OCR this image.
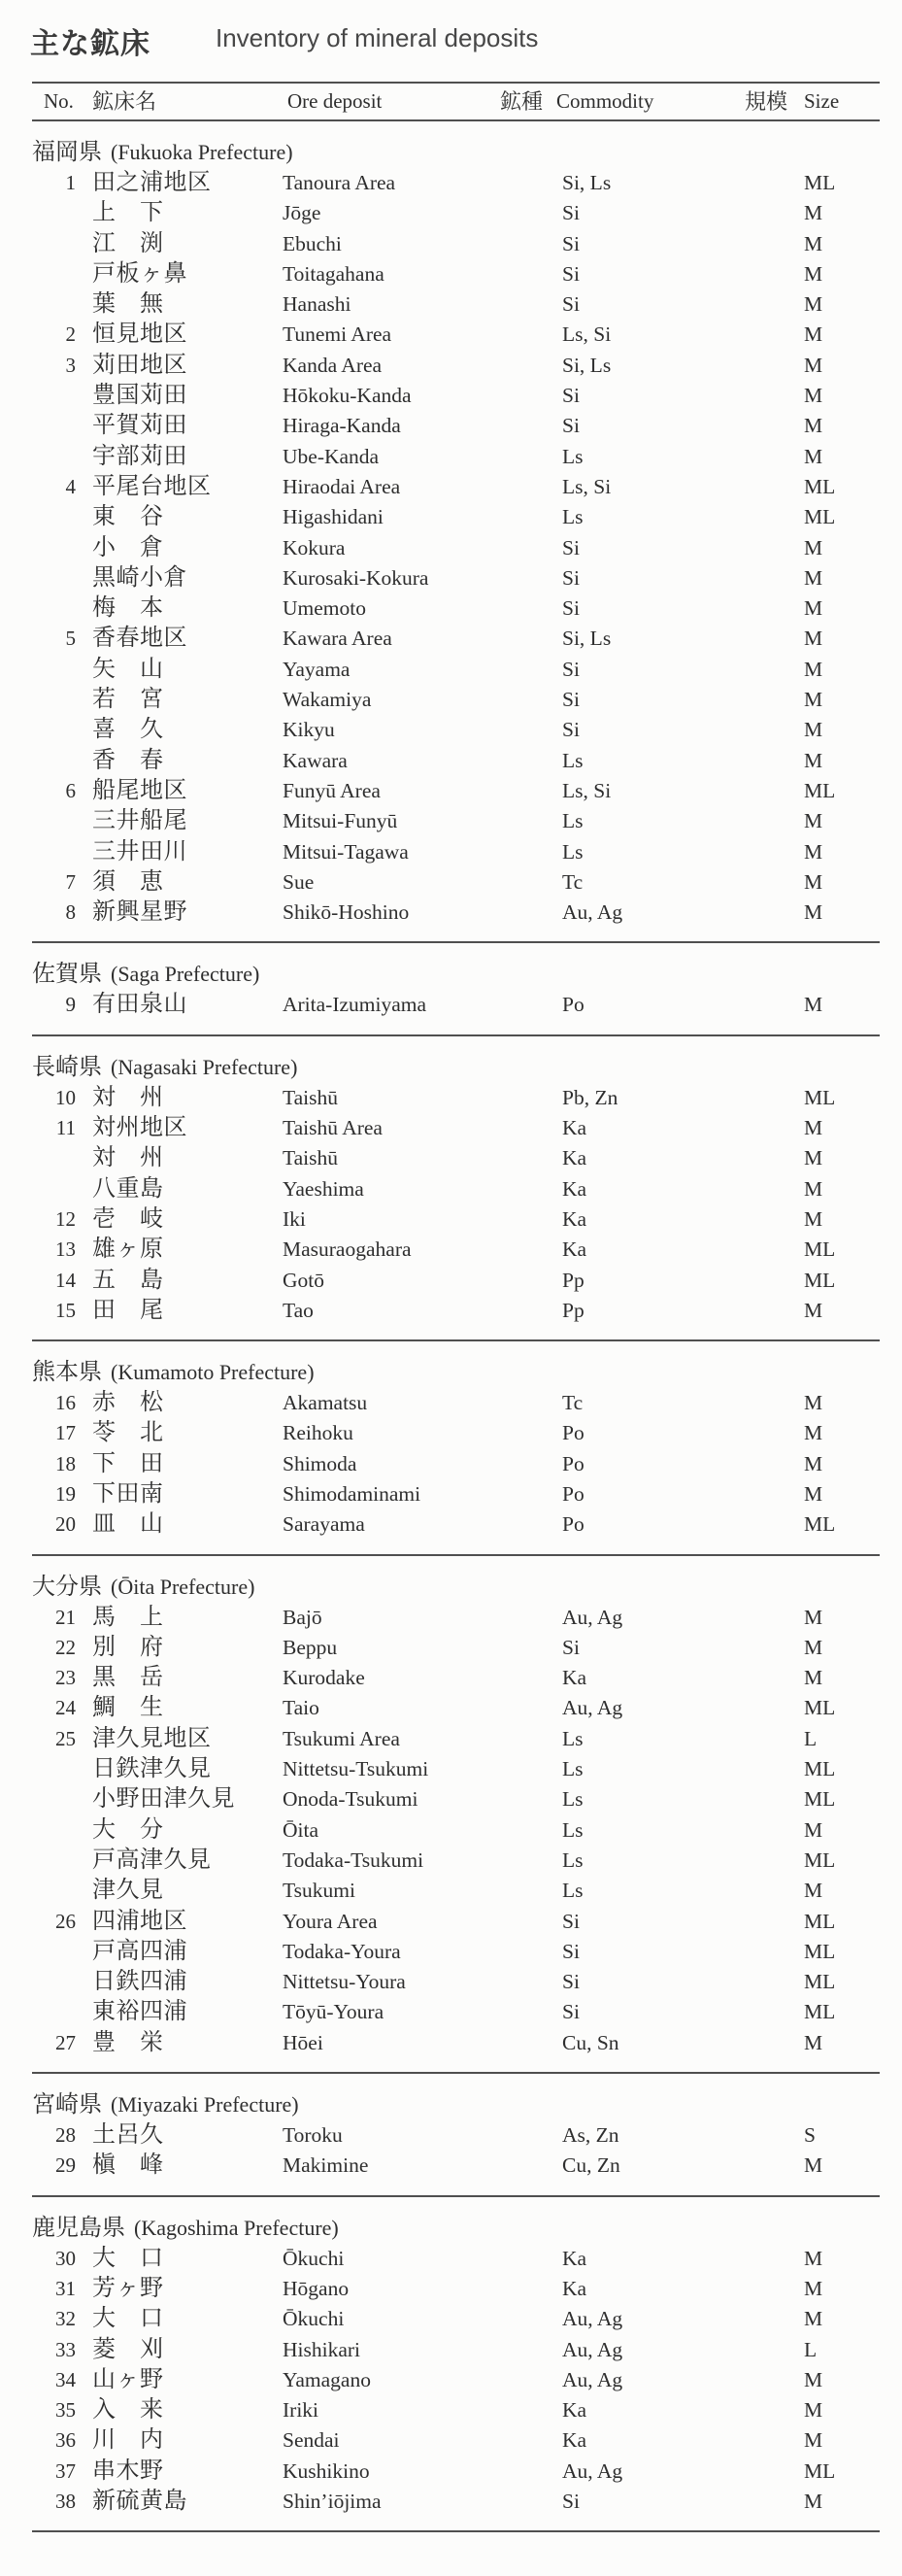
主な鉱床	Inventory of mineral deposits
No. 鉱床名	Ore deposit	鉱種 Commodity	規模 Size
福岡県 (Fukuoka Prefecture)
1 田之浦地区	Tanoura Area	Si, Ls	ML
上　下	Jōge	Si	M
江　渕	Ebuchi	Si	M
戸板ヶ鼻	Toitagahana	Si	M
葉　無	Hanashi	Si	M
2 恒見地区	Tunemi Area	Ls, Si	M
3 苅田地区	Kanda Area	Si, Ls	M
豊国苅田	Hōkoku-Kanda	Si	M
平賀苅田	Hiraga-Kanda	Si	M
宇部苅田	Ube-Kanda	Ls	M
4 平尾台地区	Hiraodai Area	Ls, Si	ML
東　谷	Higashidani	Ls	ML
小　倉	Kokura	Si	M
黒崎小倉	Kurosaki-Kokura	Si	M
梅　本	Umemoto	Si	M
5 香春地区	Kawara Area	Si, Ls	M
矢　山	Yayama	Si	M
若　宮	Wakamiya	Si	M
喜　久	Kikyu	Si	M
香　春	Kawara	Ls	M
6 船尾地区	Funyū Area	Ls, Si	ML
三井船尾	Mitsui-Funyū	Ls	M
三井田川	Mitsui-Tagawa	Ls	M
7 須　恵	Sue	Tc	M
8 新興星野	Shikō-Hoshino	Au, Ag	M
佐賀県 (Saga Prefecture)
9 有田泉山	Arita-Izumiyama	Po	M
長崎県 (Nagasaki Prefecture)
10 対　州	Taishū	Pb, Zn	ML
11 対州地区	Taishū Area	Ka	M
対　州	Taishū	Ka	M
八重島	Yaeshima	Ka	M
12 壱　岐	Iki	Ka	M
13 雄ヶ原	Masuraogahara	Ka	ML
14 五　島	Gotō	Pp	ML
15 田　尾	Tao	Pp	M
熊本県 (Kumamoto Prefecture)
16 赤　松	Akamatsu	Tc	M
17 苓　北	Reihoku	Po	M
18 下　田	Shimoda	Po	M
19 下田南	Shimodaminami	Po	M
20 皿　山	Sarayama	Po	ML
大分県 (Ōita Prefecture)
21 馬　上	Bajō	Au, Ag	M
22 別　府	Beppu	Si	M
23 黒　岳	Kurodake	Ka	M
24 鯛　生	Taio	Au, Ag	ML
25 津久見地区	Tsukumi Area	Ls	L
日鉄津久見	Nittetsu-Tsukumi	Ls	ML
小野田津久見 Onoda-Tsukumi	Ls	ML
大　分	Ōita	Ls	M
戸高津久見	Todaka-Tsukumi	Ls	ML
津久見	Tsukumi	Ls	M
26 四浦地区	Youra Area	Si	ML
戸高四浦	Todaka-Youra	Si	ML
日鉄四浦	Nittetsu-Youra	Si	ML
東裕四浦	Tōyū-Youra	Si	ML
27 豊　栄	Hōei	Cu, Sn	M
宮崎県 (Miyazaki Prefecture)
28 土呂久	Toroku	As, Zn	S
29 槇　峰	Makimine	Cu, Zn	M
鹿児島県 (Kagoshima Prefecture)
30 大　口	Ōkuchi	Ka	M
31 芳ヶ野	Hōgano	Ka	M
32 大　口	Ōkuchi	Au, Ag	M
33 菱　刈	Hishikari	Au, Ag	L
34 山ヶ野	Yamagano	Au, Ag	M
35 入　来	Iriki	Ka	M
36 川　内	Sendai	Ka	M
37 串木野	Kushikino	Au, Ag	ML
38 新硫黄島	Shin’iōjima	Si	M
